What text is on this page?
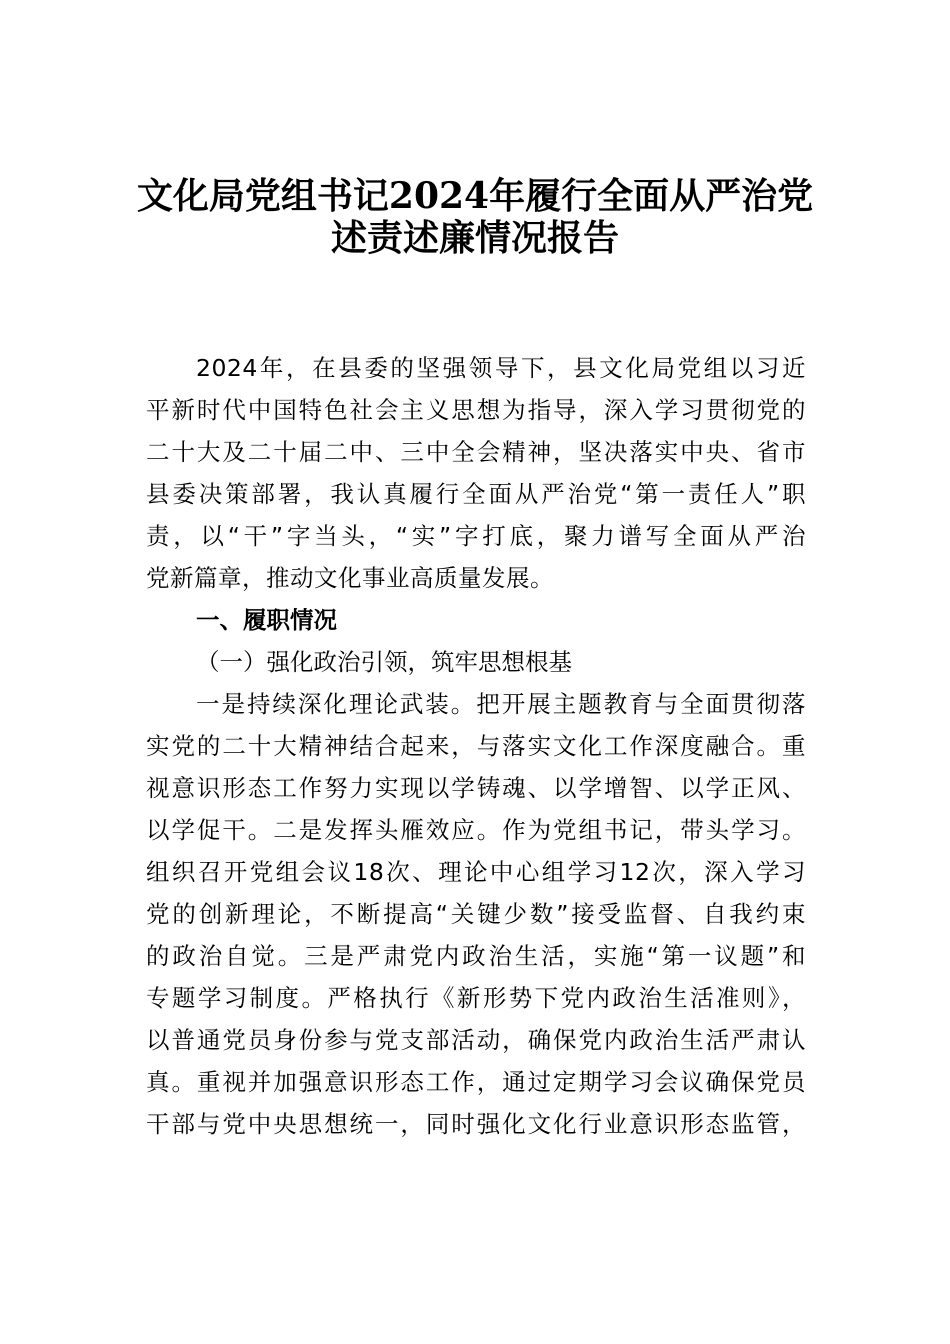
文化局党组书记2024年履行全面从严治党
述责述廉情况报告
2024年，在县委的坚强领导下，县文化局党组以习近
平新时代中国特色社会主义思想为指导，深入学习贯彻党的
二十大及二十届二中、三中全会精神，坚决落实中央、省市
县委决策部署，我认真履行全面从严治党“第一责任人”职
责，以“干”字当头，“实”字打底，聚力谱写全面从严治
党新篇章，推动文化事业高质量发展。
一、履职情况
（一）强化政治引领，筑牢思想根基
一是持续深化理论武装。把开展主题教育与全面贯彻落
实党的二十大精神结合起来，与落实文化工作深度融合。重
视意识形态工作努力实现以学铸魂、以学增智、以学正风、
以学促干。二是发挥头雁效应。作为党组书记，带头学习。
组织召开党组会议18次、理论中心组学习12次，深入学习
党的创新理论，不断提高“关键少数”接受监督、自我约束
的政治自觉。三是严肃党内政治生活，实施“第一议题”和
专题学习制度。严格执行《新形势下党内政治生活准则》，
以普通党员身份参与党支部活动，确保党内政治生活严肃认
真。重视并加强意识形态工作，通过定期学习会议确保党员
干部与党中央思想统一，同时强化文化行业意识形态监管，
